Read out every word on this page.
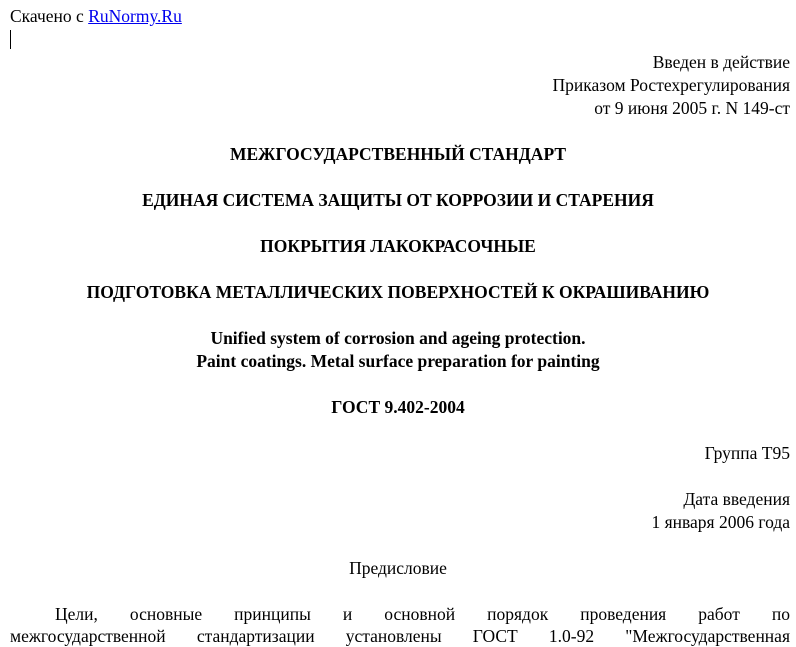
Скачено с RuNormy.Ru
Введен в действие
Приказом Ростехрегулирования
от 9 июня 2005 г. N 149-ст
МЕЖГОСУДАРСТВЕННЫЙ СТАНДАРТ
ЕДИНАЯ СИСТЕМА ЗАЩИТЫ ОТ КОРРОЗИИ И СТАРЕНИЯ
ПОКРЫТИЯ ЛАКОКРАСОЧНЫЕ
ПОДГОТОВКА МЕТАЛЛИЧЕСКИХ ПОВЕРХНОСТЕЙ К ОКРАШИВАНИЮ
Unified system of corrosion and ageing protection.
Paint coatings. Metal surface preparation for painting
ГОСТ 9.402-2004
Группа Т95
Дата введения
1 января 2006 года
Предисловие
Цели, основные принципы и основной порядок проведения работ по
межгосударственной стандартизации установлены ГОСТ 1.0-92 "Межгосударственная
